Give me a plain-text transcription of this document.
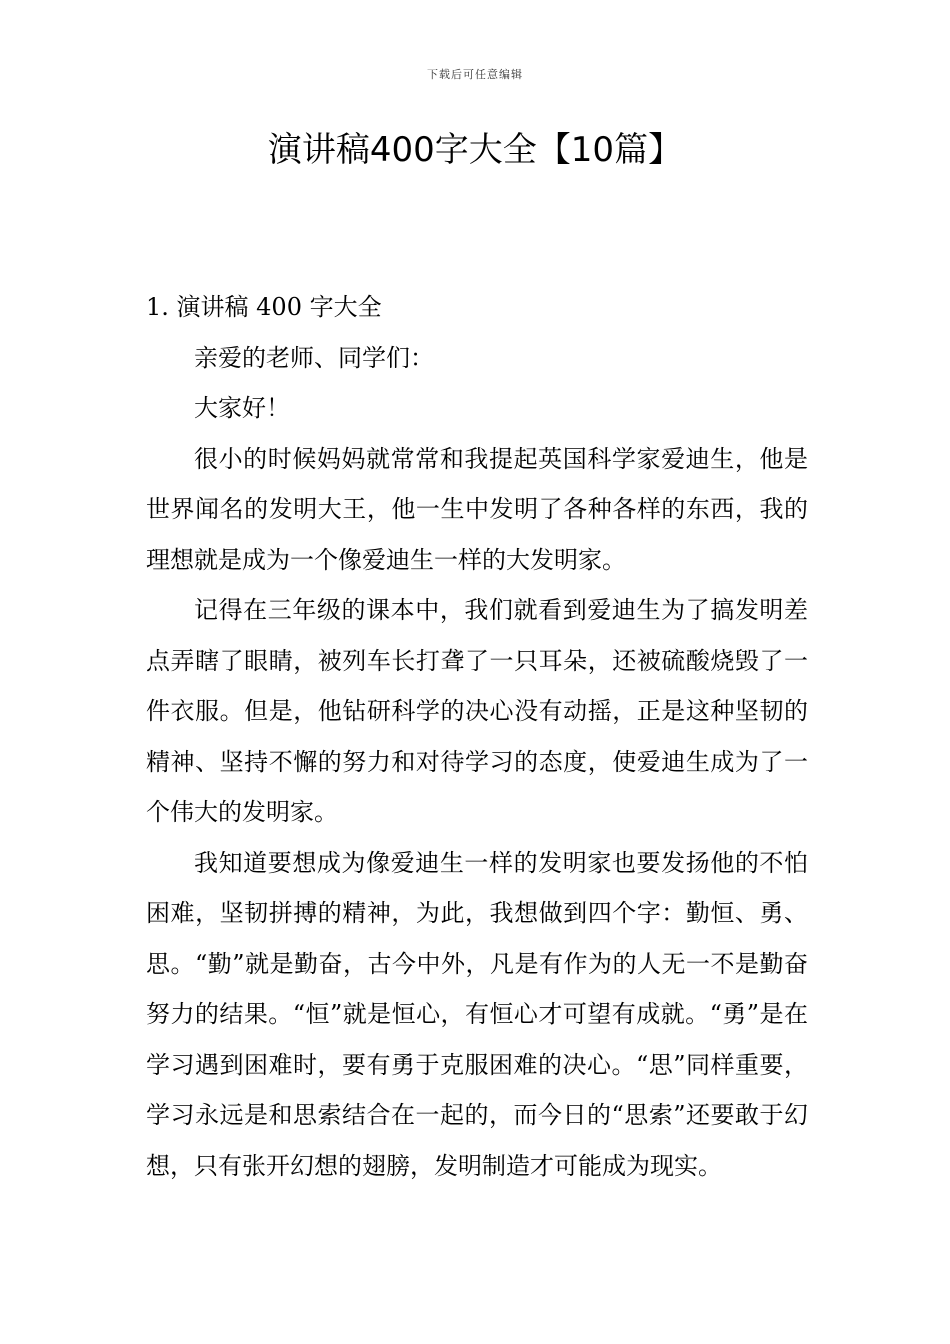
下载后可任意编辑
演讲稿400字大全【10篇】

1. 演讲稿 400 字大全

亲爱的老师、同学们：

大家好！

很小的时候妈妈就常常和我提起英国科学家爱迪生，他是世界闻名的发明大王，他一生中发明了各种各样的东西，我的理想就是成为一个像爱迪生一样的大发明家。

记得在三年级的课本中，我们就看到爱迪生为了搞发明差点弄瞎了眼睛，被列车长打聋了一只耳朵，还被硫酸烧毁了一件衣服。但是，他钻研科学的决心没有动摇，正是这种坚韧的精神、坚持不懈的努力和对待学习的态度，使爱迪生成为了一个伟大的发明家。

我知道要想成为像爱迪生一样的发明家也要发扬他的不怕困难，坚韧拼搏的精神，为此，我想做到四个字：勤恒、勇、思。“勤”就是勤奋，古今中外，凡是有作为的人无一不是勤奋努力的结果。“恒”就是恒心，有恒心才可望有成就。“勇”是在学习遇到困难时，要有勇于克服困难的决心。“思”同样重要，学习永远是和思索结合在一起的，而今日的“思索”还要敢于幻想，只有张开幻想的翅膀，发明制造才可能成为现实。
